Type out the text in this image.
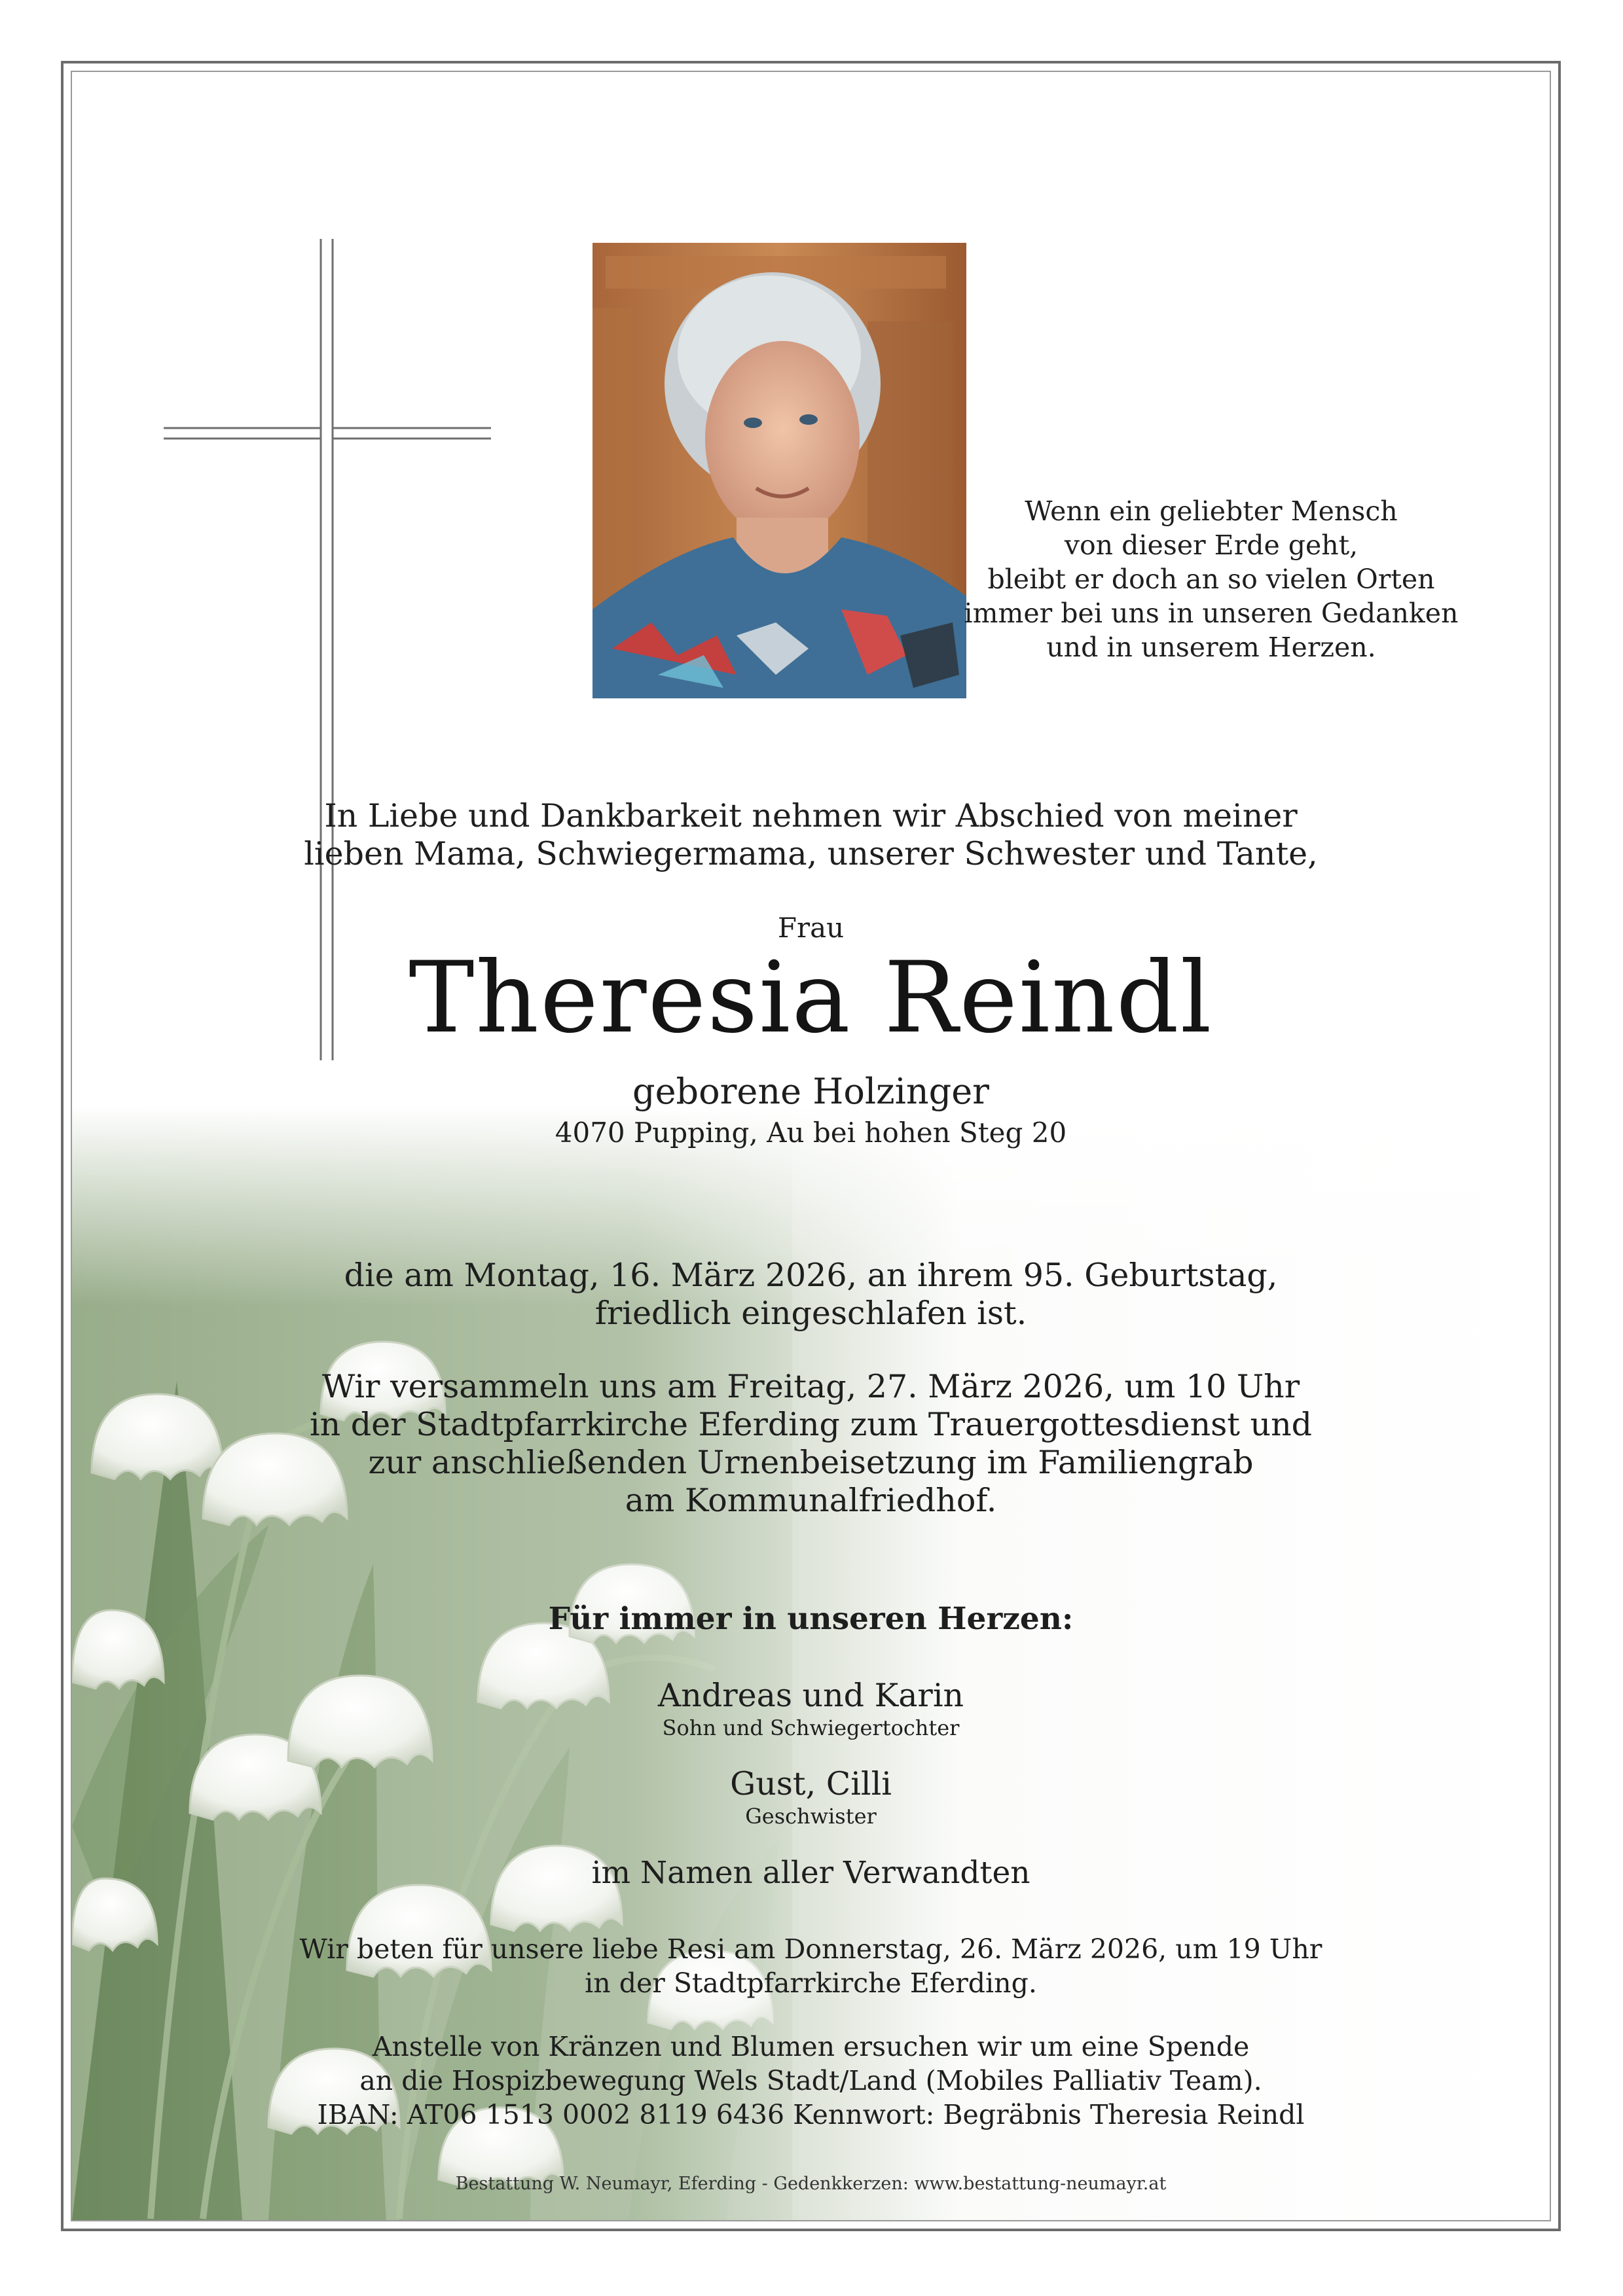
Wenn ein geliebter Mensch
von dieser Erde geht,
bleibt er doch an so vielen Orten
immer bei uns in unseren Gedanken
und in unserem Herzen.
In Liebe und Dankbarkeit nehmen wir Abschied von meiner
lieben Mama, Schwiegermama, unserer Schwester und Tante,
Frau
Theresia Reindl
geborene Holzinger
4070 Pupping, Au bei hohen Steg 20
die am Montag, 16. März 2026, an ihrem 95. Geburtstag,
friedlich eingeschlafen ist.
Wir versammeln uns am Freitag, 27. März 2026, um 10 Uhr
in der Stadtpfarrkirche Eferding zum Trauergottesdienst und
zur anschließenden Urnenbeisetzung im Familiengrab
am Kommunalfriedhof.
Für immer in unseren Herzen:
Andreas und Karin
Sohn und Schwiegertochter
Gust, Cilli
Geschwister
im Namen aller Verwandten
Wir beten für unsere liebe Resi am Donnerstag, 26. März 2026, um 19 Uhr
in der Stadtpfarrkirche Eferding.
Anstelle von Kränzen und Blumen ersuchen wir um eine Spende
an die Hospizbewegung Wels Stadt/Land (Mobiles Palliativ Team).
IBAN: AT06 1513 0002 8119 6436 Kennwort: Begräbnis Theresia Reindl
Bestattung W. Neumayr, Eferding - Gedenkkerzen: www.bestattung-neumayr.at
